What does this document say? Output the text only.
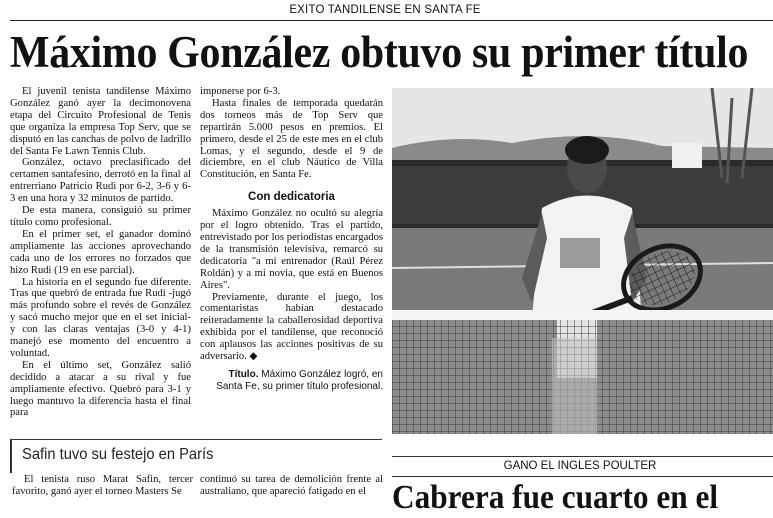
EXITO TANDILENSE EN SANTA FE
Máximo González obtuvo su primer título

El juvenil tenista tandilense Máximo González ganó ayer la decimonovena etapa del Circuito Profesional de Tenis que organiza la empresa Top Serv, que se disputó en las canchas de polvo de ladrillo del Santa Fe Lawn Tennis Club.

González, octavo preclasificado del certamen santafesino, derrotó en la final al entrerriano Patricio Rudi por 6-2, 3-6 y 6-3 en una hora y 32 minutos de partido.

De esta manera, consiguió su primer título como profesional.

En el primer set, el ganador dominó ampliamente las acciones aprovechando cada uno de los errores no forzados que hizo Rudi (19 en ese parcial).

La historia en el segundo fue diferente. Tras que quebró de entrada fue Rudi -jugó más profundo sobre el revés de González y sacó mucho mejor que en el set inicial- y con las claras ventajas (3-0 y 4-1) manejó ese momento del encuentro a voluntad.

En el último set, González salió decidido a atacar a su rival y fue ampliamente efectivo. Quebró para 3-1 y luego mantuvo la diferencia hasta el final para

imponerse por 6-3.

Hasta finales de temporada quedarán dos torneos más de Top Serv que repartirán 5.000 pesos en premios. El primero, desde el 25 de este mes en el club Lomas, y el segundo, desde el 9 de diciembre, en el club Náutico de Villa Constitución, en Santa Fe.

Con dedicatoria

Máximo González no ocultó su alegría por el logro obtenido. Tras el partido, entrevistado por los periodistas encargados de la transmisión televisiva, remarcó su dedicatoria "a mi entrenador (Raúl Pérez Roldán) y a mi novia, que está en Buenos Aires".

Previamente, durante el juego, los comentaristas habían destacado reiteradamente la caballerosidad deportiva exhibida por el tandilense, que reconoció con aplausos las acciones positivas de su adversario. ◆

Título. Máximo González logró, en Santa Fe, su primer título profesional.
Safin tuvo su festejo en París

El tenista ruso Marat Safin, tercer favorito, ganó ayer el torneo Masters Se

continuó su tarea de demolición frente al australiano, que apareció fatigado en el

GANO EL INGLES POULTER
Cabrera fue cuarto en el
